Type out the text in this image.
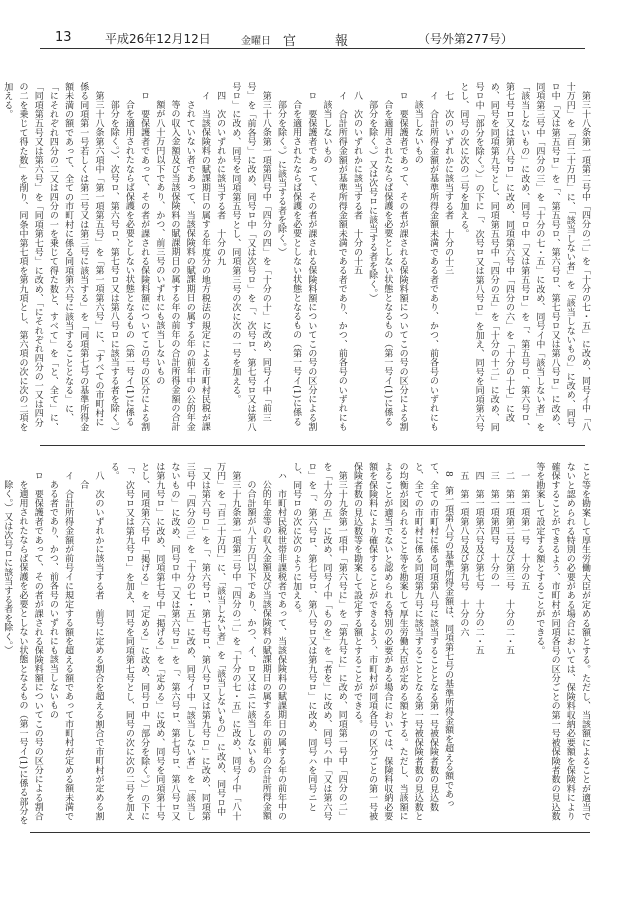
13	平成26年12月12日	金曜日 官	報	（号外第277号）

第三十八条第一項第二号中「四分の二」を「十分の七・五」に改め、同号イ中「八十万円」を「百二十万円」に、「該当しない者」を「該当しないもの」に改め、同号ロ中「又は第五号ロ」を「、第五号ロ、第六号ロ、第七号ロ又は第八号ロ」に改め、同項第三号中「四分の三」を「十分の七・五」に改め、同号イ中「該当しない者」を「該当しないもの」に改め、同号ロ中「又は第五号ロ」を「、第五号ロ、第六号ロ、第七号ロ又は第八号ロ」に改め、同項第六号中「四分の六」を「十分の十七」に改め、同号を同項第九号とし、同項第五号中「四分の五」を「十分の十二」に改め、同号ロ中「部分を除く。）」の下に「、次号ロ又は第八号ロ」を加え、同号を同項第六号とし、同号の次に次の二号を加える。

七　次のいずれかに該当する者　十分の十三

イ　合計所得金額が基準所得金額未満である者であり、かつ、前各号のいずれにも該当しないもの

ロ　要保護者であって、その者が課される保険料額についてこの号の区分による割合を適用されたならば保護を必要としない状態となるもの（第一号イ(1)に係る部分を除く。）又は次号ロに該当する者を除く。）

八　次のいずれかに該当する者　十分の十五

イ　合計所得金額が基準所得金額未満である者であり、かつ、前各号のいずれにも該当しないもの

ロ　要保護者であって、その者が課される保険料額についてこの号の区分による割合を適用されたならば保護を必要としない状態となるもの（第一号イ(1)に係る部分を除く。）に該当する者を除く。）

第三十八条第一項第四号中「四分の四」を「十分の十」に改め、同号イ中「前三号」を「前各号」に改め、同号ロ中「又は次号ロ」を「、次号ロ、第七号ロ又は第八号ロ」に改め、同号を同項第五号とし、同項第三号の次に次の一号を加える。

四　次のいずれかに該当する者　十分の九

イ　当該保険料の賦課期日の属する年度分の地方税法の規定による市町村民税が課されていない者であって、当該保険料の賦課期日の属する年の前年中の公的年金等の収入金額及び当該保険料の賦課期日の属する年の前年の合計所得金額の合計額が八十万円以下であり、かつ、前三号のいずれにも該当しないもの

ロ　要保護者であって、その者が課される保険料額についてこの号の区分による割合を適用されたならば保護を必要としない状態となるもの（第一号イ(1)に係る部分を除く。）、次号ロ、第六号ロ、第七号ロ又は第八号ロに該当する者を除く。）

第三十八条第六項中「第一項第五号」を「第一項第六号」に、「すべての市町村に係る同項第一号若しくは第二号又は第三号に該当する」を「同項第七号の基準所得金額未満の額であって、全ての市町村に係る同項第六号に該当することとなる」に、「にそれぞれ四分の二又は四分の一を乗じて得た数と、すべて」を「と、全て」に、「同項第五号又は第六号」を「同項第七号」に改め、「にそれぞれ四分の一又は四分の二を乗じて得た数」を削り、同条中第七項を第九項とし、第六項の次に次の二項を加える。

こと等を勘案して厚生労働大臣が定める額とする。ただし、当該額によることが適当でないと認められる特別の必要がある場合においては、保険料収納必要額を保険料により確保することができるよう、市町村が同項各号の区分ごとの第一号被保険者数の見込数等を勘案して設定する額とすることができる。

一　第一項第一号　十分の五

二　第一項第二号及び第三号　十分の二・五

三　第一項第四号　十分の一

四　第一項第六号及び第七号　十分の二・五

五　第一項第八号及び第九号　十分の六

8　第一項第八号の基準所得金額は、同項第七号の基準所得金額を超える額であって、全ての市町村に係る同項第八号に該当することとなる第一号被保険者数の見込数と、全ての市町村に係る同項第九号に該当することとなる第一号被保険者数の見込数との均衡が図られること等を勘案して厚生労働大臣が定める額とする。ただし、当該額によることが適当でないと認められる特別の必要がある場合においては、保険料収納必要額を保険料により確保することができるよう、市町村が同項各号の区分ごとの第一号被保険者数の見込数等を勘案して設定する額とすることができる。

第三十九条第一項中「第六号に」を「第九号に」に改め、同項第一号中「四分の二」を「十分の五」に改め、同号イ中「ものを」を「者を」に改め、同号ハ中「又は第六号ロ」を「、第六号ロ、第七号ロ、第八号ロ又は第九号ロ」に改め、同号ハを同号ニとし、同号ロの次に次のように加える。

ハ　市町村民税世帯非課税者であって、当該保険料の賦課期日の属する年の前年中の公的年金等の収入金額及び当該保険料の賦課期日の属する年の前年の合計所得金額の合計額が八十万円以下であり、かつ、イ、ロ又はニに該当しないもの

第三十九条第一項第二号中「四分の二」を「十分の七・五」に改め、同号イ中「八十万円」を「百二十万円」に、「該当しない者」を「該当しないもの」に改め、同号ロ中「又は第六号ロ」を「、第六号ロ、第七号ロ、第八号ロ又は第九号ロ」に改め、同項第三号中「四分の三」を「十分の七・五」に改め、同号イ中「該当しない者」を「該当しないもの」に改め、同号ロ中「又は第六号ロ」を「、第六号ロ、第七号ロ、第八号ロ又は第九号ロ」に改め、同項第七号中「掲げる」を「定める」に改め、同号を同項第十号とし、同項第六号中「掲げる」を「定める」に改め、同号ロ中「部分を除く。）」の下に「、次号ロ又は第九号ロ」を加え、同号を同項第七号とし、同号の次に次の二号を加える。

八　次のいずれかに該当する者　前号に定める割合を超える割合で市町村が定める割合

イ　合計所得金額が前号イに規定する額を超える額であって市町村が定める額未満である者であり、かつ、前各号のいずれにも該当しないもの

ロ　要保護者であって、その者が課される保険料額についてこの号の区分による割合を適用されたならば保護を必要としない状態となるもの（第一号イ(1)に係る部分を除く。）又は次号ロに該当する者を除く。）
